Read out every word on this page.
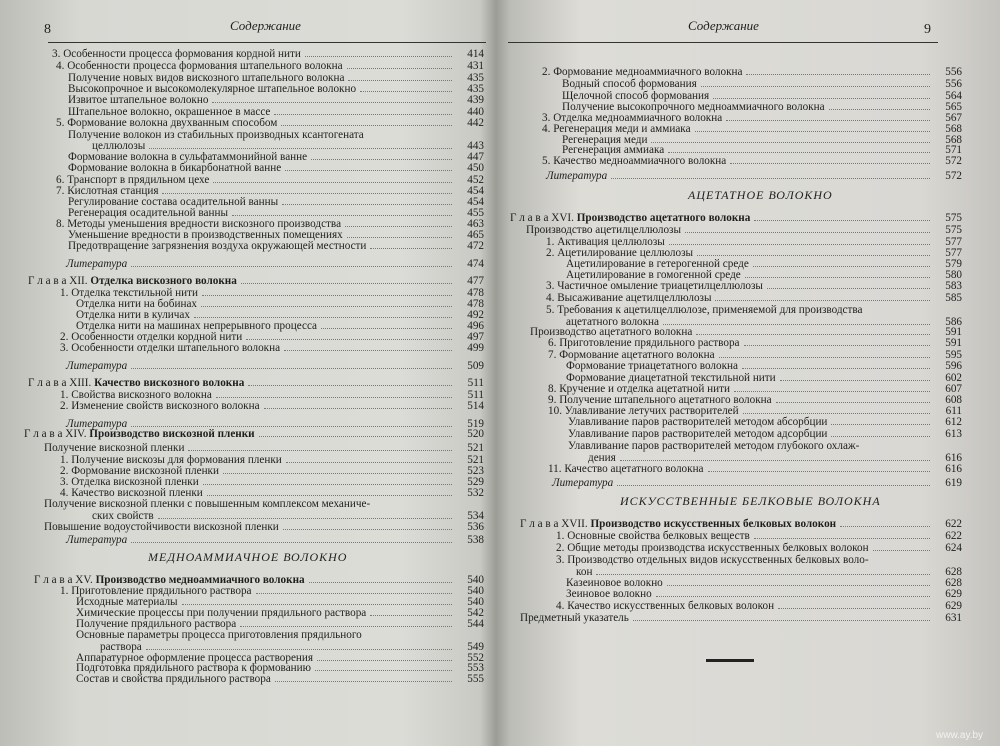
8	Содержание
3. Особенности процесса формования кордной нити	414
4. Особенности процесса формования штапельного волокна	431
Получение новых видов вискозного штапельного волокна	435
Высокопрочное и высокомолекулярное штапельное волокно	435
Извитое штапельное волокно	439
Штапельное волокно, окрашенное в массе	440
5. Формование волокна двухванным способом	442
Получение волокон из стабильных производных ксантогената
целлюлозы	443
Формование волокна в сульфатаммонийной ванне	447
Формование волокна в бикарбонатной ванне	450
6. Транспорт в прядильном цехе	452
7. Кислотная станция	454
Регулирование состава осадительной ванны	454
Регенерация осадительной ванны	455
8. Методы уменьшения вредности вискозного производства	463
Уменьшение вредности в производственных помещениях	465
Предотвращение загрязнения воздуха окружающей местности	472
Литература	474
Г л а в а XII. Отделка вискозного волокна	477
1. Отделка текстильной нити	478
Отделка нити на бобинах	478
Отделка нити в куличах	492
Отделка нити на машинах непрерывного процесса	496
2. Особенности отделки кордной нити	497
3. Особенности отделки штапельного волокна	499
Литература	509
Г л а в а XIII. Качество вискозного волокна	511
1. Свойства вискозного волокна	511
2. Изменение свойств вискозного волокна	514
Литература	519
Г л а в а XIV. Производство вискозной пленки	520
Получение вискозной пленки	521
1. Получение вискозы для формования пленки	521
2. Формование вискозной пленки	523
3. Отделка вискозной пленки	529
4. Качество вискозной пленки	532
Получение вискозной пленки с повышенным комплексом механиче-
ских свойств	534
Повышение водоустойчивости вискозной пленки	536
Литература	538
МЕДНОАММИАЧНОЕ ВОЛОКНО
Г л а в а XV. Производство медноаммиачного волокна	540
1. Приготовление прядильного раствора	540
Исходные материалы	540
Химические процессы при получении прядильного раствора	542
Получение прядильного раствора	544
Основные параметры процесса приготовления прядильного
раствора	549
Аппаратурное оформление процесса растворения	552
Подготовка прядильного раствора к формованию	553
Состав и свойства прядильного раствора	555
Содержание	9
2. Формование медноаммиачного волокна	556
Водный способ формования	556
Щелочной способ формования	564
Получение высокопрочного медноаммиачного волокна	565
3. Отделка медноаммиачного волокна	567
4. Регенерация меди и аммиака	568
Регенерация меди	568
Регенерация аммиака	571
5. Качество медноаммиачного волокна	572
Литература	572
АЦЕТАТНОЕ ВОЛОКНО
Г л а в а XVI. Производство ацетатного волокна	575
Производство ацетилцеллюлозы	575
1. Активация целлюлозы	577
2. Ацетилирование целлюлозы	577
Ацетилирование в гетерогенной среде	579
Ацетилирование в гомогенной среде	580
3. Частичное омыление триацетилцеллюлозы	583
4. Высаживание ацетилцеллюлозы	585
5. Требования к ацетилцеллюлозе, применяемой для производства
ацетатного волокна	586
Производство ацетатного волокна	591
6. Приготовление прядильного раствора	591
7. Формование ацетатного волокна	595
Формование триацетатного волокна	596
Формование диацетатной текстильной нити	602
8. Кручение и отделка ацетатной нити	607
9. Получение штапельного ацетатного волокна	608
10. Улавливание летучих растворителей	611
Улавливание паров растворителей методом абсорбции	612
Улавливание паров растворителей методом адсорбции	613
Улавливание паров растворителей методом глубокого охлаж-
дения	616
11. Качество ацетатного волокна	616
Литература	619
ИСКУССТВЕННЫЕ БЕЛКОВЫЕ ВОЛОКНА
Г л а в а XVII. Производство искусственных белковых волокон	622
1. Основные свойства белковых веществ	622
2. Общие методы производства искусственных белковых волокон	624
3. Производство отдельных видов искусственных белковых воло-
кон	628
Казеиновое волокно	628
Зеиновое волокно	629
4. Качество искусственных белковых волокон	629
Предметный указатель	631
www.ay.by
